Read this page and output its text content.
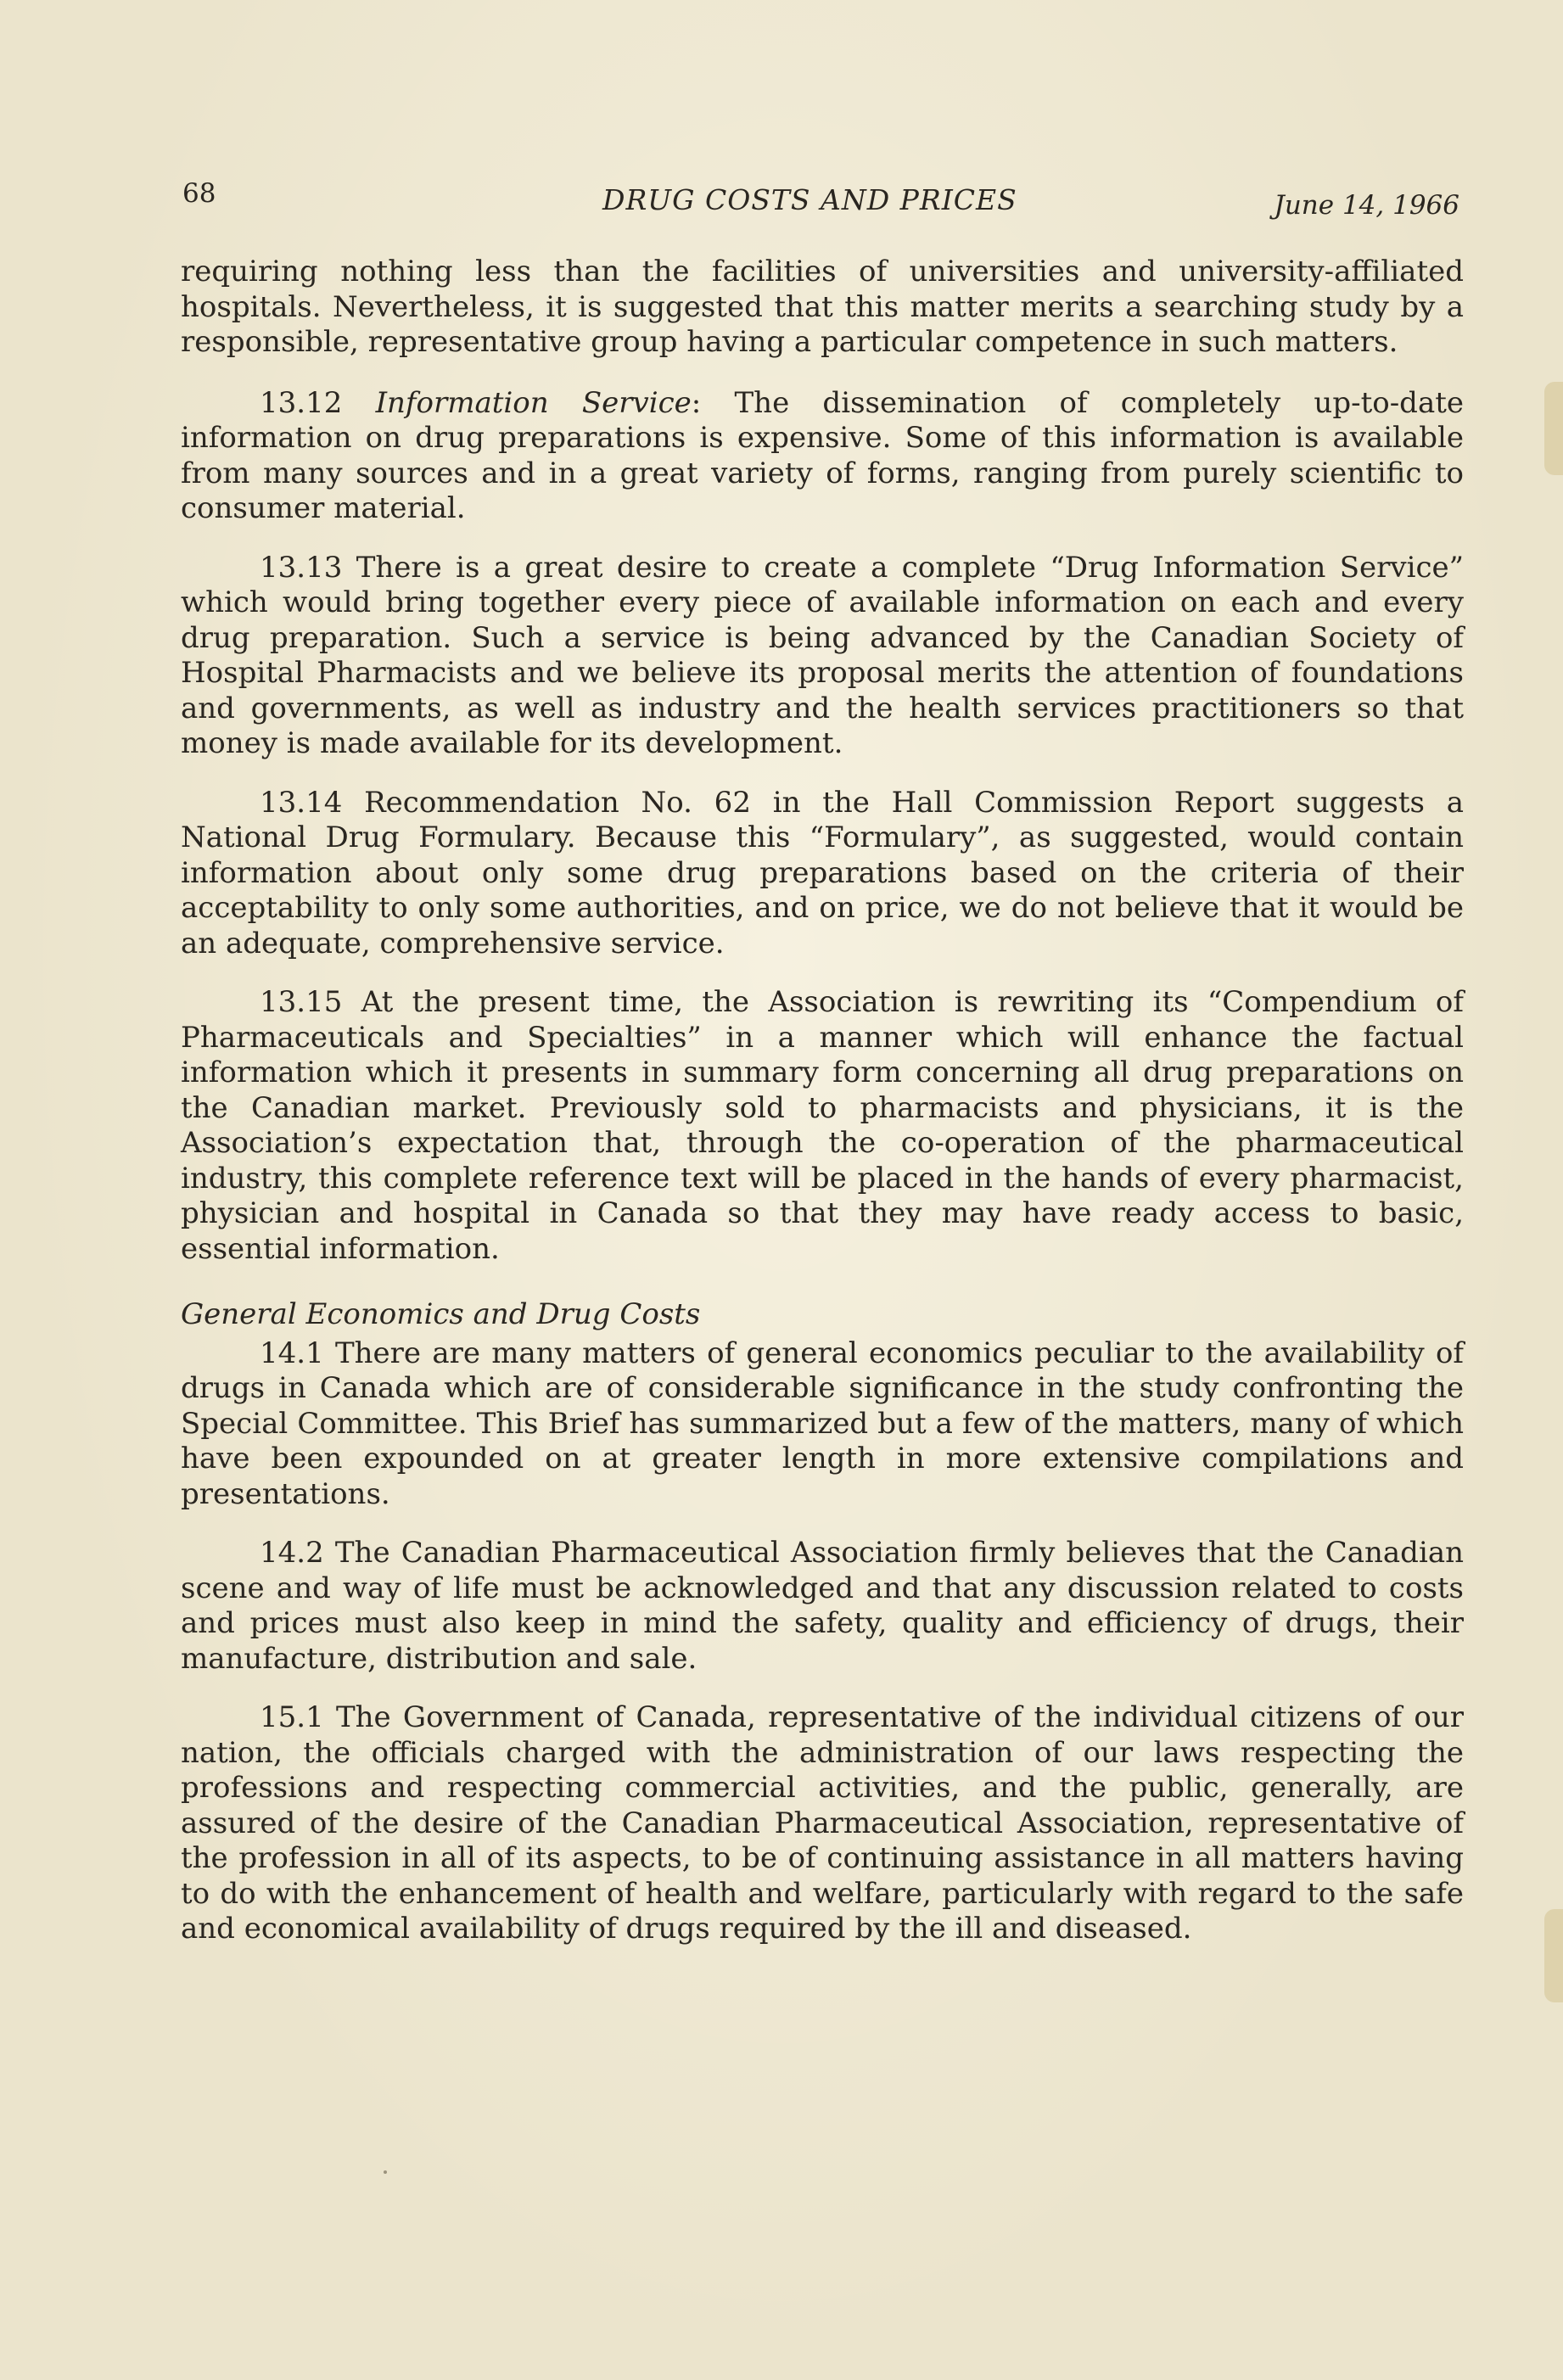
68	DRUG COSTS AND PRICES	June 14, 1966

requiring nothing less than the facilities of universities and university-affiliated hospitals. Nevertheless, it is suggested that this matter merits a searching study by a responsible, representative group having a particular competence in such matters.

13.12 Information Service: The dissemination of completely up-to-date information on drug preparations is expensive. Some of this information is available from many sources and in a great variety of forms, ranging from purely scientific to consumer material.

13.13 There is a great desire to create a complete “Drug Information Service” which would bring together every piece of available information on each and every drug preparation. Such a service is being advanced by the Canadian Society of Hospital Pharmacists and we believe its proposal merits the attention of foundations and governments, as well as industry and the health services practitioners so that money is made available for its development.

13.14 Recommendation No. 62 in the Hall Commission Report suggests a National Drug Formulary. Because this “Formulary”, as suggested, would contain information about only some drug preparations based on the criteria of their acceptability to only some authorities, and on price, we do not believe that it would be an adequate, comprehensive service.

13.15 At the present time, the Association is rewriting its “Compendium of Pharmaceuticals and Specialties” in a manner which will enhance the factual information which it presents in summary form concerning all drug preparations on the Canadian market. Previously sold to pharmacists and physicians, it is the Association’s expectation that, through the co-operation of the pharmaceutical industry, this complete reference text will be placed in the hands of every pharmacist, physician and hospital in Canada so that they may have ready access to basic, essential information.

General Economics and Drug Costs

14.1 There are many matters of general economics peculiar to the availability of drugs in Canada which are of considerable significance in the study confronting the Special Committee. This Brief has summarized but a few of the matters, many of which have been expounded on at greater length in more extensive compilations and presentations.

14.2 The Canadian Pharmaceutical Association firmly believes that the Canadian scene and way of life must be acknowledged and that any discussion related to costs and prices must also keep in mind the safety, quality and efficiency of drugs, their manufacture, distribution and sale.

15.1 The Government of Canada, representative of the individual citizens of our nation, the officials charged with the administration of our laws respecting the professions and respecting commercial activities, and the public, generally, are assured of the desire of the Canadian Pharmaceutical Association, representative of the profession in all of its aspects, to be of continuing assistance in all matters having to do with the enhancement of health and welfare, particularly with regard to the safe and economical availability of drugs required by the ill and diseased.
